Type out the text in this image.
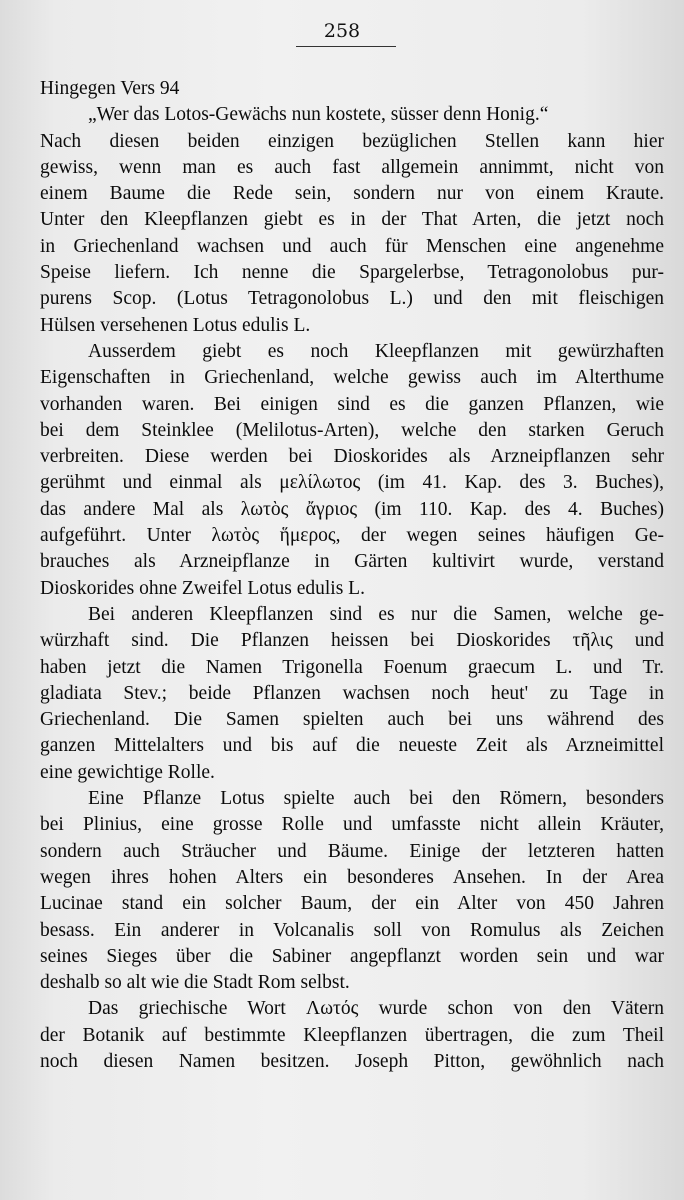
258
Hingegen Vers 94
„Wer das Lotos-Gewächs nun kostete, süsser denn Honig.“
Nach diesen beiden einzigen bezüglichen Stellen kann hier
gewiss, wenn man es auch fast allgemein annimmt, nicht von
einem Baume die Rede sein, sondern nur von einem Kraute.
Unter den Kleepflanzen giebt es in der That Arten, die jetzt noch
in Griechenland wachsen und auch für Menschen eine angenehme
Speise liefern. Ich nenne die Spargelerbse, Tetragonolobus pur-
purens Scop. (Lotus Tetragonolobus L.) und den mit fleischigen
Hülsen versehenen Lotus edulis L.
Ausserdem giebt es noch Kleepflanzen mit gewürzhaften
Eigenschaften in Griechenland, welche gewiss auch im Alterthume
vorhanden waren. Bei einigen sind es die ganzen Pflanzen, wie
bei dem Steinklee (Melilotus-Arten), welche den starken Geruch
verbreiten. Diese werden bei Dioskorides als Arzneipflanzen sehr
gerühmt und einmal als μελίλωτος (im 41. Kap. des 3. Buches),
das andere Mal als λωτὸς ἄγριος (im 110. Kap. des 4. Buches)
aufgeführt. Unter λωτὸς ἥμερος, der wegen seines häufigen Ge-
brauches als Arzneipflanze in Gärten kultivirt wurde, verstand
Dioskorides ohne Zweifel Lotus edulis L.
Bei anderen Kleepflanzen sind es nur die Samen, welche ge-
würzhaft sind. Die Pflanzen heissen bei Dioskorides τῆλις und
haben jetzt die Namen Trigonella Foenum graecum L. und Tr.
gladiata Stev.; beide Pflanzen wachsen noch heut' zu Tage in
Griechenland. Die Samen spielten auch bei uns während des
ganzen Mittelalters und bis auf die neueste Zeit als Arzneimittel
eine gewichtige Rolle.
Eine Pflanze Lotus spielte auch bei den Römern, besonders
bei Plinius, eine grosse Rolle und umfasste nicht allein Kräuter,
sondern auch Sträucher und Bäume. Einige der letzteren hatten
wegen ihres hohen Alters ein besonderes Ansehen. In der Area
Lucinae stand ein solcher Baum, der ein Alter von 450 Jahren
besass. Ein anderer in Volcanalis soll von Romulus als Zeichen
seines Sieges über die Sabiner angepflanzt worden sein und war
deshalb so alt wie die Stadt Rom selbst.
Das griechische Wort Λωτός wurde schon von den Vätern
der Botanik auf bestimmte Kleepflanzen übertragen, die zum Theil
noch diesen Namen besitzen. Joseph Pitton, gewöhnlich nach
